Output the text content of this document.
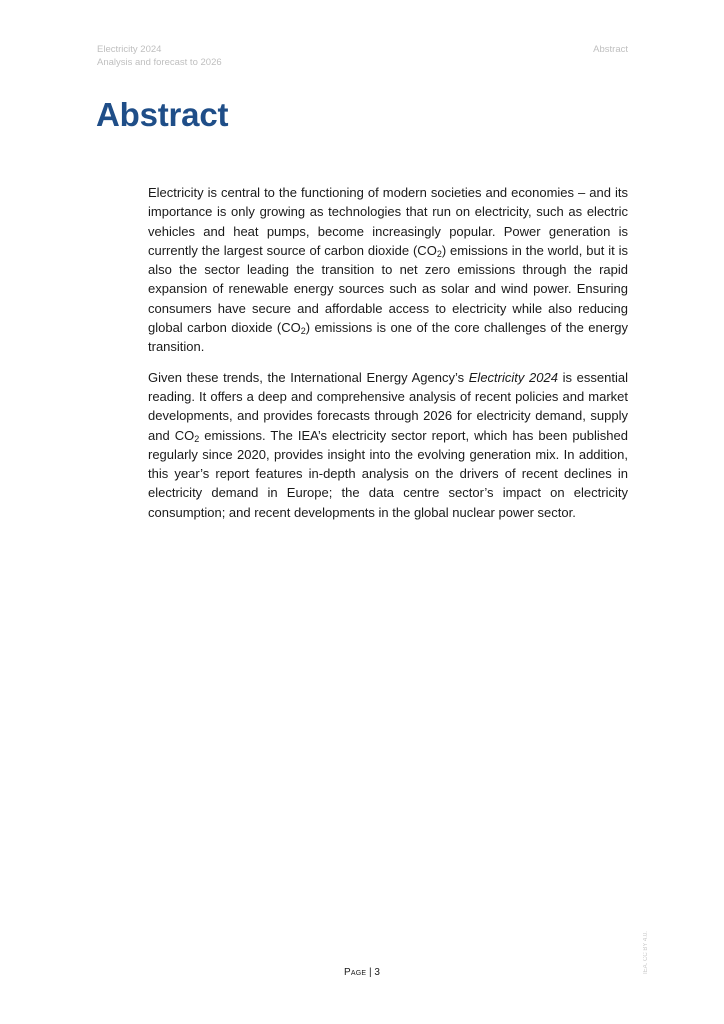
Electricity 2024
Analysis and forecast to 2026
Abstract
Abstract

Electricity is central to the functioning of modern societies and economies – and its importance is only growing as technologies that run on electricity, such as electric vehicles and heat pumps, become increasingly popular. Power generation is currently the largest source of carbon dioxide $(CO_2)$ emissions in the world, but it is also the sector leading the transition to net zero emissions through the rapid expansion of renewable energy sources such as solar and wind power. Ensuring consumers have secure and affordable access to electricity while also reducing global carbon dioxide $(CO_2)$ emissions is one of the core challenges of the energy transition.

Given these trends, the International Energy Agency’s Electricity 2024 is essential reading. It offers a deep and comprehensive analysis of recent policies and market developments, and provides forecasts through 2026 for electricity demand, supply and $CO_2$ emissions. The IEA’s electricity sector report, which has been published regularly since 2020, provides insight into the evolving generation mix. In addition, this year’s report features in-depth analysis on the drivers of recent declines in electricity demand in Europe; the data centre sector’s impact on electricity consumption; and recent developments in the global nuclear power sector.

Page | 3	IEA. CC BY 4.0.
